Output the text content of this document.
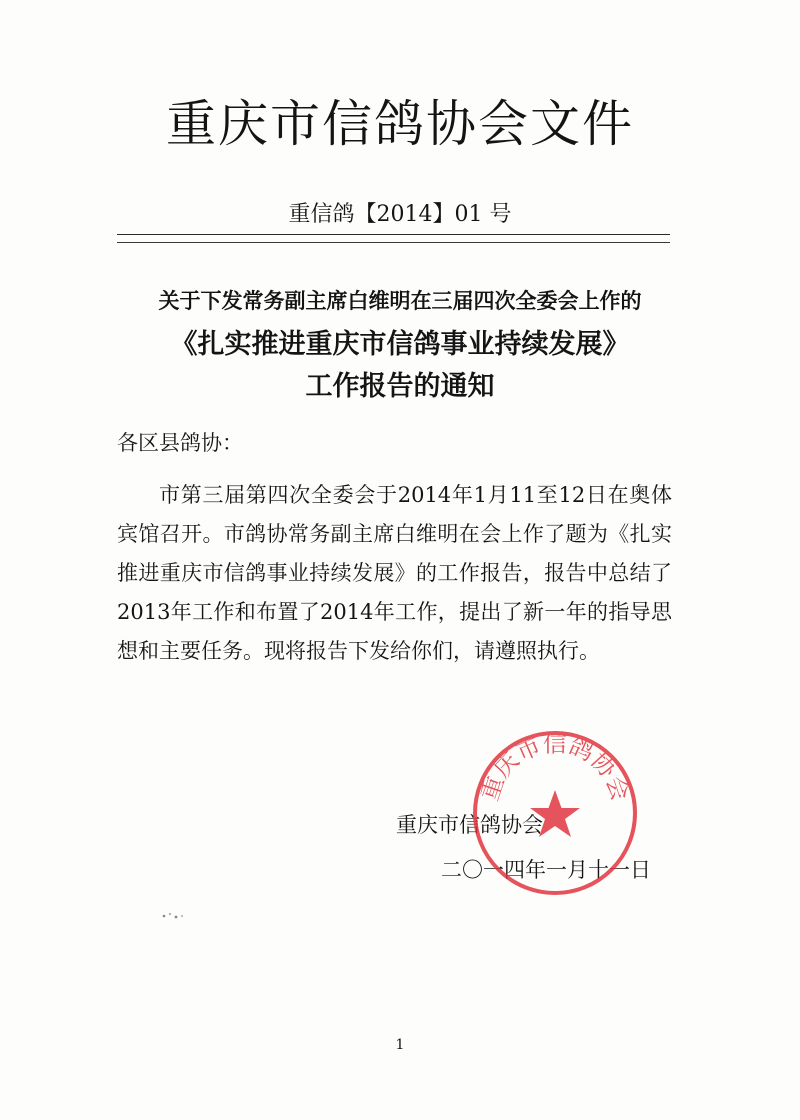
重庆市信鸽协会文件
重信鸽【2014】01 号
关于下发常务副主席白维明在三届四次全委会上作的
《扎实推进重庆市信鸽事业持续发展》
工作报告的通知
各区县鸽协：
市第三届第四次全委会于2014年1月11至12日在奥体宾馆召开。市鸽协常务副主席白维明在会上作了题为《扎实推进重庆市信鸽事业持续发展》的工作报告，报告中总结了2013年工作和布置了2014年工作，提出了新一年的指导思想和主要任务。现将报告下发给你们，请遵照执行。
重庆市信鸽协会
二〇一四年一月十一日
重庆市信鸽协会
1
